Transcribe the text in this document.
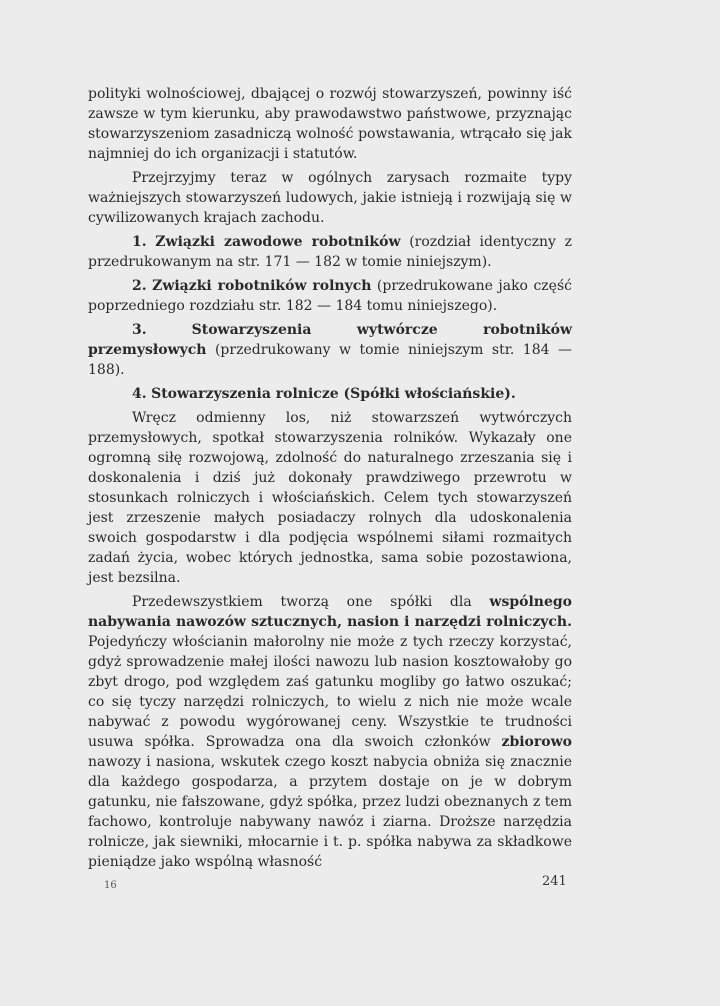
polityki wolnościowej, dbającej o rozwój stowarzyszeń, powinny iść zawsze w tym kierunku, aby prawodawstwo państwowe, przyznając stowarzyszeniom zasadniczą wolność powstawania, wtrącało się jak najmniej do ich organizacji i statutów.

Przejrzyjmy teraz w ogólnych zarysach rozmaite typy ważniejszych stowarzyszeń ludowych, jakie istnieją i rozwijają się w cywilizowanych krajach zachodu.

1. Związki zawodowe robotników (rozdział identyczny z przedrukowanym na str. 171 — 182 w tomie niniejszym).

2. Związki robotników rolnych (przedrukowane jako część poprzedniego rozdziału str. 182 — 184 tomu niniejszego).

3.	Stowarzyszenia wytwórcze robotników przemysłowych (przedrukowany w tomie niniejszym str. 184 — 188).

4. Stowarzyszenia rolnicze (Spółki włościańskie).

Wręcz odmienny los, niż stowarzszeń wytwórczych przemysłowych, spotkał stowarzyszenia rolników. Wykazały one ogromną siłę rozwojową, zdolność do naturalnego zrzeszania się i doskonalenia i dziś już dokonały prawdziwego przewrotu w stosunkach rolniczych i włościańskich. Celem tych stowarzyszeń jest zrzeszenie małych posiadaczy rolnych dla udoskonalenia swoich gospodarstw i dla podjęcia wspólnemi siłami rozmaitych zadań życia, wobec których jednostka, sama sobie pozostawiona, jest bezsilna.

Przedewszystkiem tworzą one spółki dla wspólnego nabywania nawozów sztucznych, nasion i narzędzi rolniczych. Pojedyńczy włościanin małorolny nie może z tych rzeczy korzystać, gdyż sprowadzenie małej ilości nawozu lub nasion kosztowałoby go zbyt drogo, pod względem zaś gatunku mogliby go łatwo oszukać; co się tyczy narzędzi rolniczych, to wielu z nich nie może wcale nabywać z powodu wygórowanej ceny. Wszystkie te trudności usuwa spółka. Sprowadza ona dla swoich członków zbiorowo nawozy i nasiona, wskutek czego koszt nabycia obniża się znacznie dla każdego gospodarza, a przytem dostaje on je w dobrym gatunku, nie fałszowane, gdyż spółka, przez ludzi obeznanych z tem fachowo, kontroluje nabywany nawóz i ziarna. Droższe narzędzia rolnicze, jak siewniki, młocarnie i t. p. spółka nabywa za składkowe pieniądze jako wspólną własność

16	241
